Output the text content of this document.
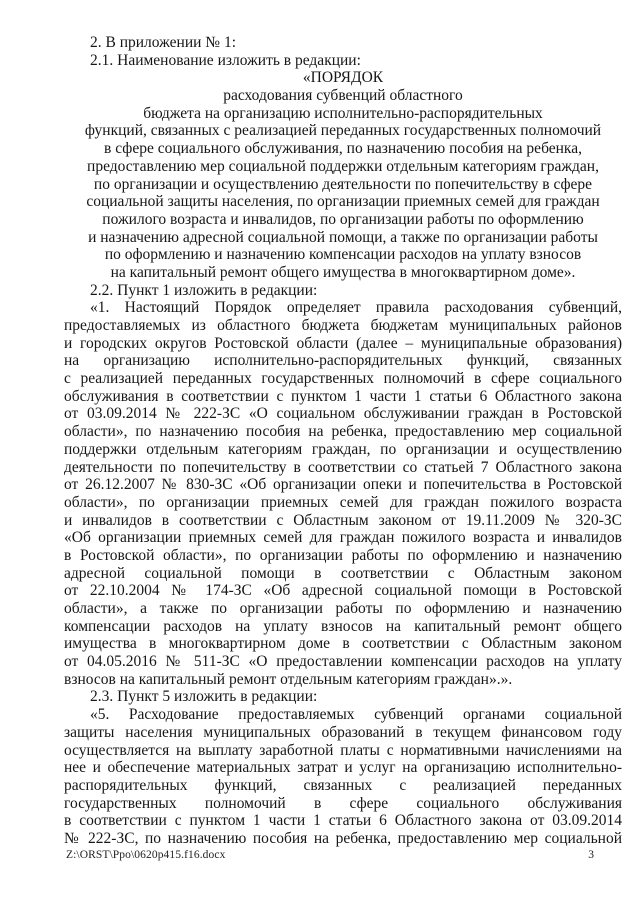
2. В приложении № 1:
2.1. Наименование изложить в редакции:
«ПОРЯДОК
расходования субвенций областного
бюджета на организацию исполнительно-распорядительных
функций, связанных с реализацией переданных государственных полномочий
в сфере социального обслуживания, по назначению пособия на ребенка,
предоставлению мер социальной поддержки отдельным категориям граждан,
по организации и осуществлению деятельности по попечительству в сфере
социальной защиты населения, по организации приемных семей для граждан
пожилого возраста и инвалидов, по организации работы по оформлению
и назначению адресной социальной помощи, а также по организации работы
по оформлению и назначению компенсации расходов на уплату взносов
на капитальный ремонт общего имущества в многоквартирном доме».
2.2. Пункт 1 изложить в редакции:
«1. Настоящий Порядок определяет правила расходования субвенций,
предоставляемых из областного бюджета бюджетам муниципальных районов
и городских округов Ростовской области (далее – муниципальные образования)
на организацию исполнительно-распорядительных функций, связанных
с реализацией переданных государственных полномочий в сфере социального
обслуживания в соответствии с пунктом 1 части 1 статьи 6 Областного закона
от 03.09.2014 № 222-ЗС «О социальном обслуживании граждан в Ростовской
области», по назначению пособия на ребенка, предоставлению мер социальной
поддержки отдельным категориям граждан, по организации и осуществлению
деятельности по попечительству в соответствии со статьей 7 Областного закона
от 26.12.2007 № 830-ЗС «Об организации опеки и попечительства в Ростовской
области», по организации приемных семей для граждан пожилого возраста
и инвалидов в соответствии с Областным законом от 19.11.2009 № 320-ЗС
«Об организации приемных семей для граждан пожилого возраста и инвалидов
в Ростовской области», по организации работы по оформлению и назначению
адресной социальной помощи в соответствии с Областным законом
от 22.10.2004 № 174-ЗС «Об адресной социальной помощи в Ростовской
области», а также по организации работы по оформлению и назначению
компенсации расходов на уплату взносов на капитальный ремонт общего
имущества в многоквартирном доме в соответствии с Областным законом
от 04.05.2016 № 511-ЗС «О предоставлении компенсации расходов на уплату
взносов на капитальный ремонт отдельным категориям граждан».».
2.3. Пункт 5 изложить в редакции:
«5. Расходование предоставляемых субвенций органами социальной
защиты населения муниципальных образований в текущем финансовом году
осуществляется на выплату заработной платы с нормативными начислениями на
нее и обеспечение материальных затрат и услуг на организацию исполнительно-
распорядительных функций, связанных с реализацией переданных
государственных полномочий в сфере социального обслуживания
в соответствии с пунктом 1 части 1 статьи 6 Областного закона от 03.09.2014
№ 222-ЗС, по назначению пособия на ребенка, предоставлению мер социальной
Z:\ORST\Ppo\0620p415.f16.docx	3
